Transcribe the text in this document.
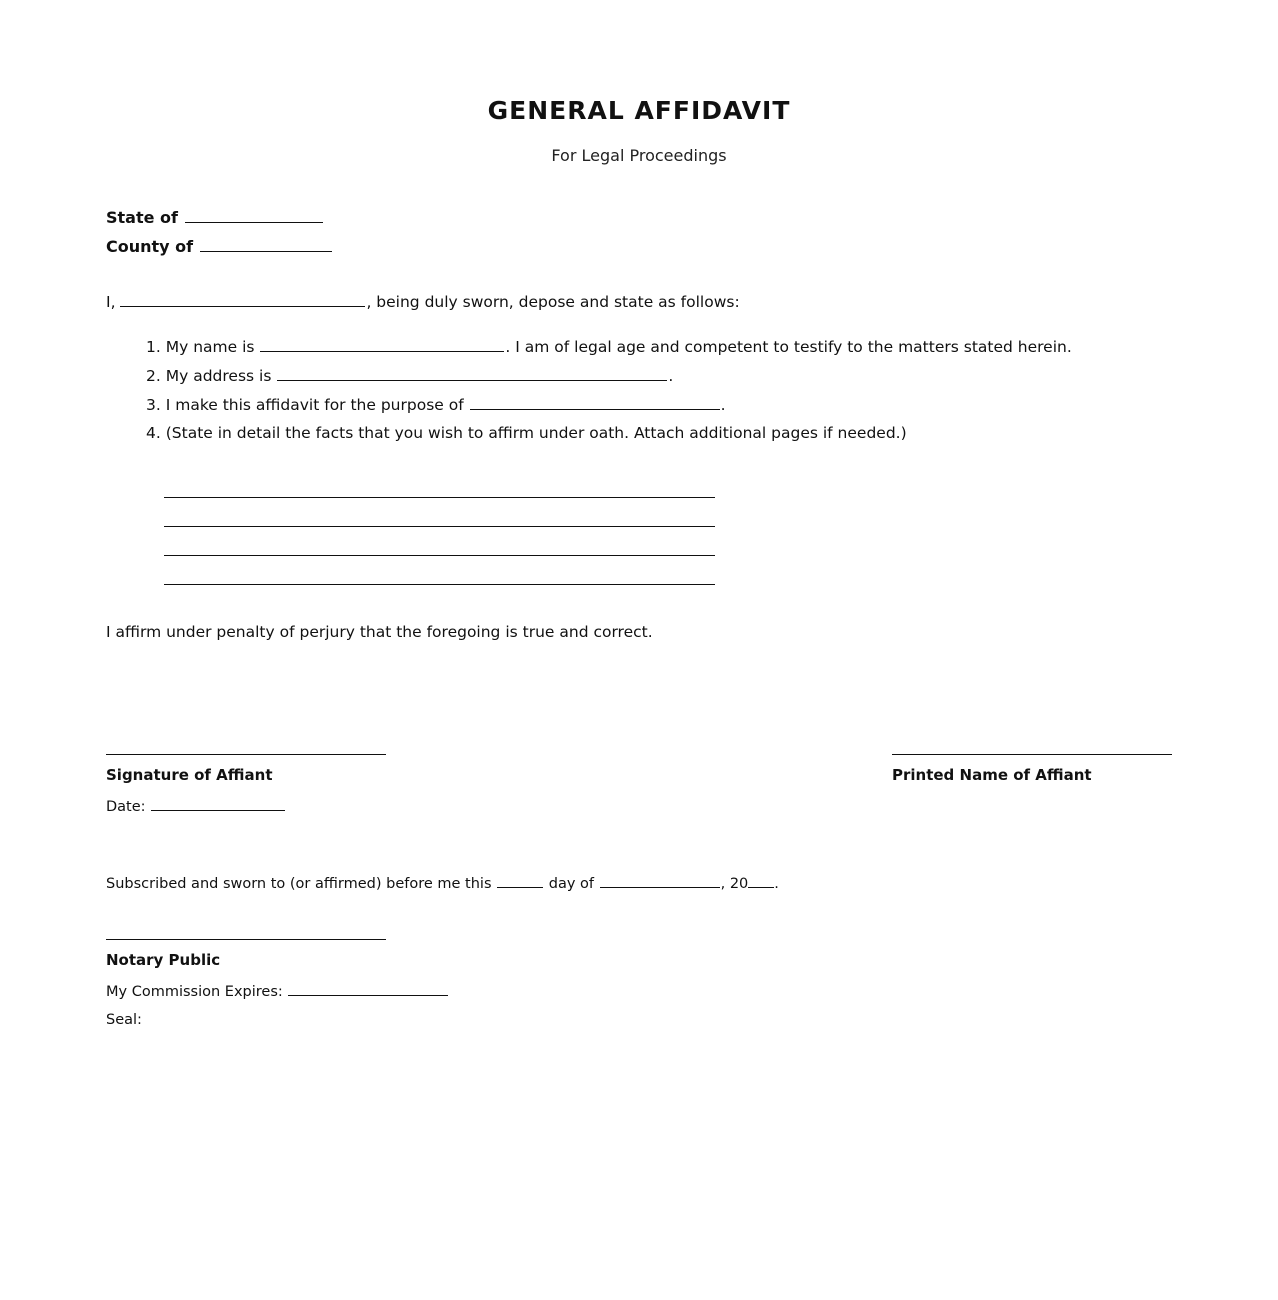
GENERAL AFFIDAVIT
For Legal Proceedings
State of
County of
I,	, being duly sworn, depose and state as follows:
1. My name is	. I am of legal age and competent to testify to the matters stated herein.
2. My address is	.
3. I make this affidavit for the purpose of	.
4. (State in detail the facts that you wish to affirm under oath. Attach additional pages if needed.)
I affirm under penalty of perjury that the foregoing is true and correct.
Signature of Affiant	Printed Name of Affiant
Date:
Subscribed and sworn to (or affirmed) before me this	day of	, 20 .
Notary Public
My Commission Expires:
Seal:
